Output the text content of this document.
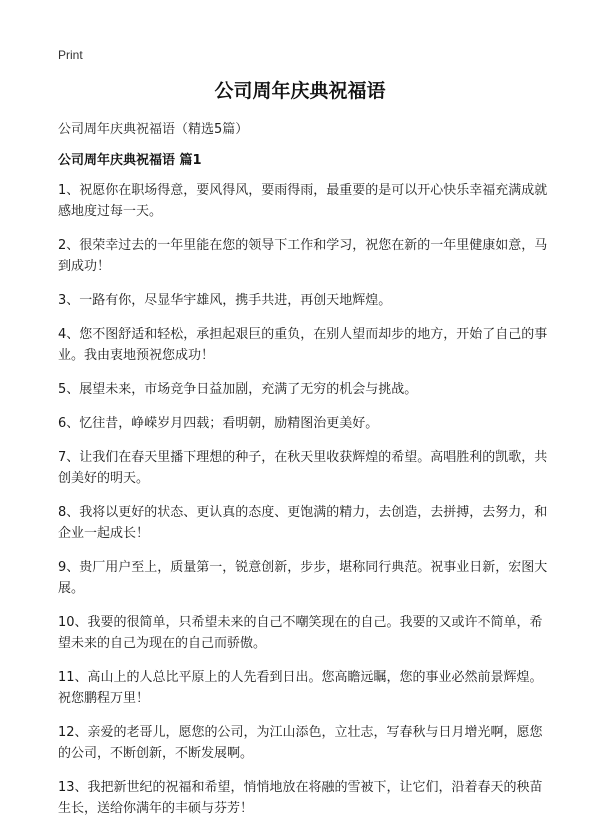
Print
公司周年庆典祝福语
公司周年庆典祝福语（精选5篇）
公司周年庆典祝福语 篇1
1、祝愿你在职场得意，要风得风，要雨得雨，最重要的是可以开心快乐幸福充满成就感地度过每一天。
2、很荣幸过去的一年里能在您的领导下工作和学习，祝您在新的一年里健康如意，马到成功！
3、一路有你，尽显华宇雄风，携手共进，再创天地辉煌。
4、您不图舒适和轻松，承担起艰巨的重负，在别人望而却步的地方，开始了自己的事业。我由衷地预祝您成功！
5、展望未来，市场竞争日益加剧，充满了无穷的机会与挑战。
6、忆往昔，峥嵘岁月四载；看明朝，励精图治更美好。
7、让我们在春天里播下理想的种子，在秋天里收获辉煌的希望。高唱胜利的凯歌，共创美好的明天。
8、我将以更好的状态、更认真的态度、更饱满的精力，去创造，去拼搏，去努力，和企业一起成长！
9、贵厂用户至上，质量第一，锐意创新，步步，堪称同行典范。祝事业日新，宏图大展。
10、我要的很简单，只希望未来的自己不嘲笑现在的自己。我要的又或许不简单，希望未来的自己为现在的自己而骄傲。
11、高山上的人总比平原上的人先看到日出。您高瞻远瞩，您的事业必然前景辉煌。祝您鹏程万里！
12、亲爱的老哥儿，愿您的公司，为江山添色，立壮志，写春秋与日月增光啊，愿您的公司，不断创新，不断发展啊。
13、我把新世纪的祝福和希望，悄悄地放在将融的雪被下，让它们，沿着春天的秧苗生长，送给你满年的丰硕与芬芳！
